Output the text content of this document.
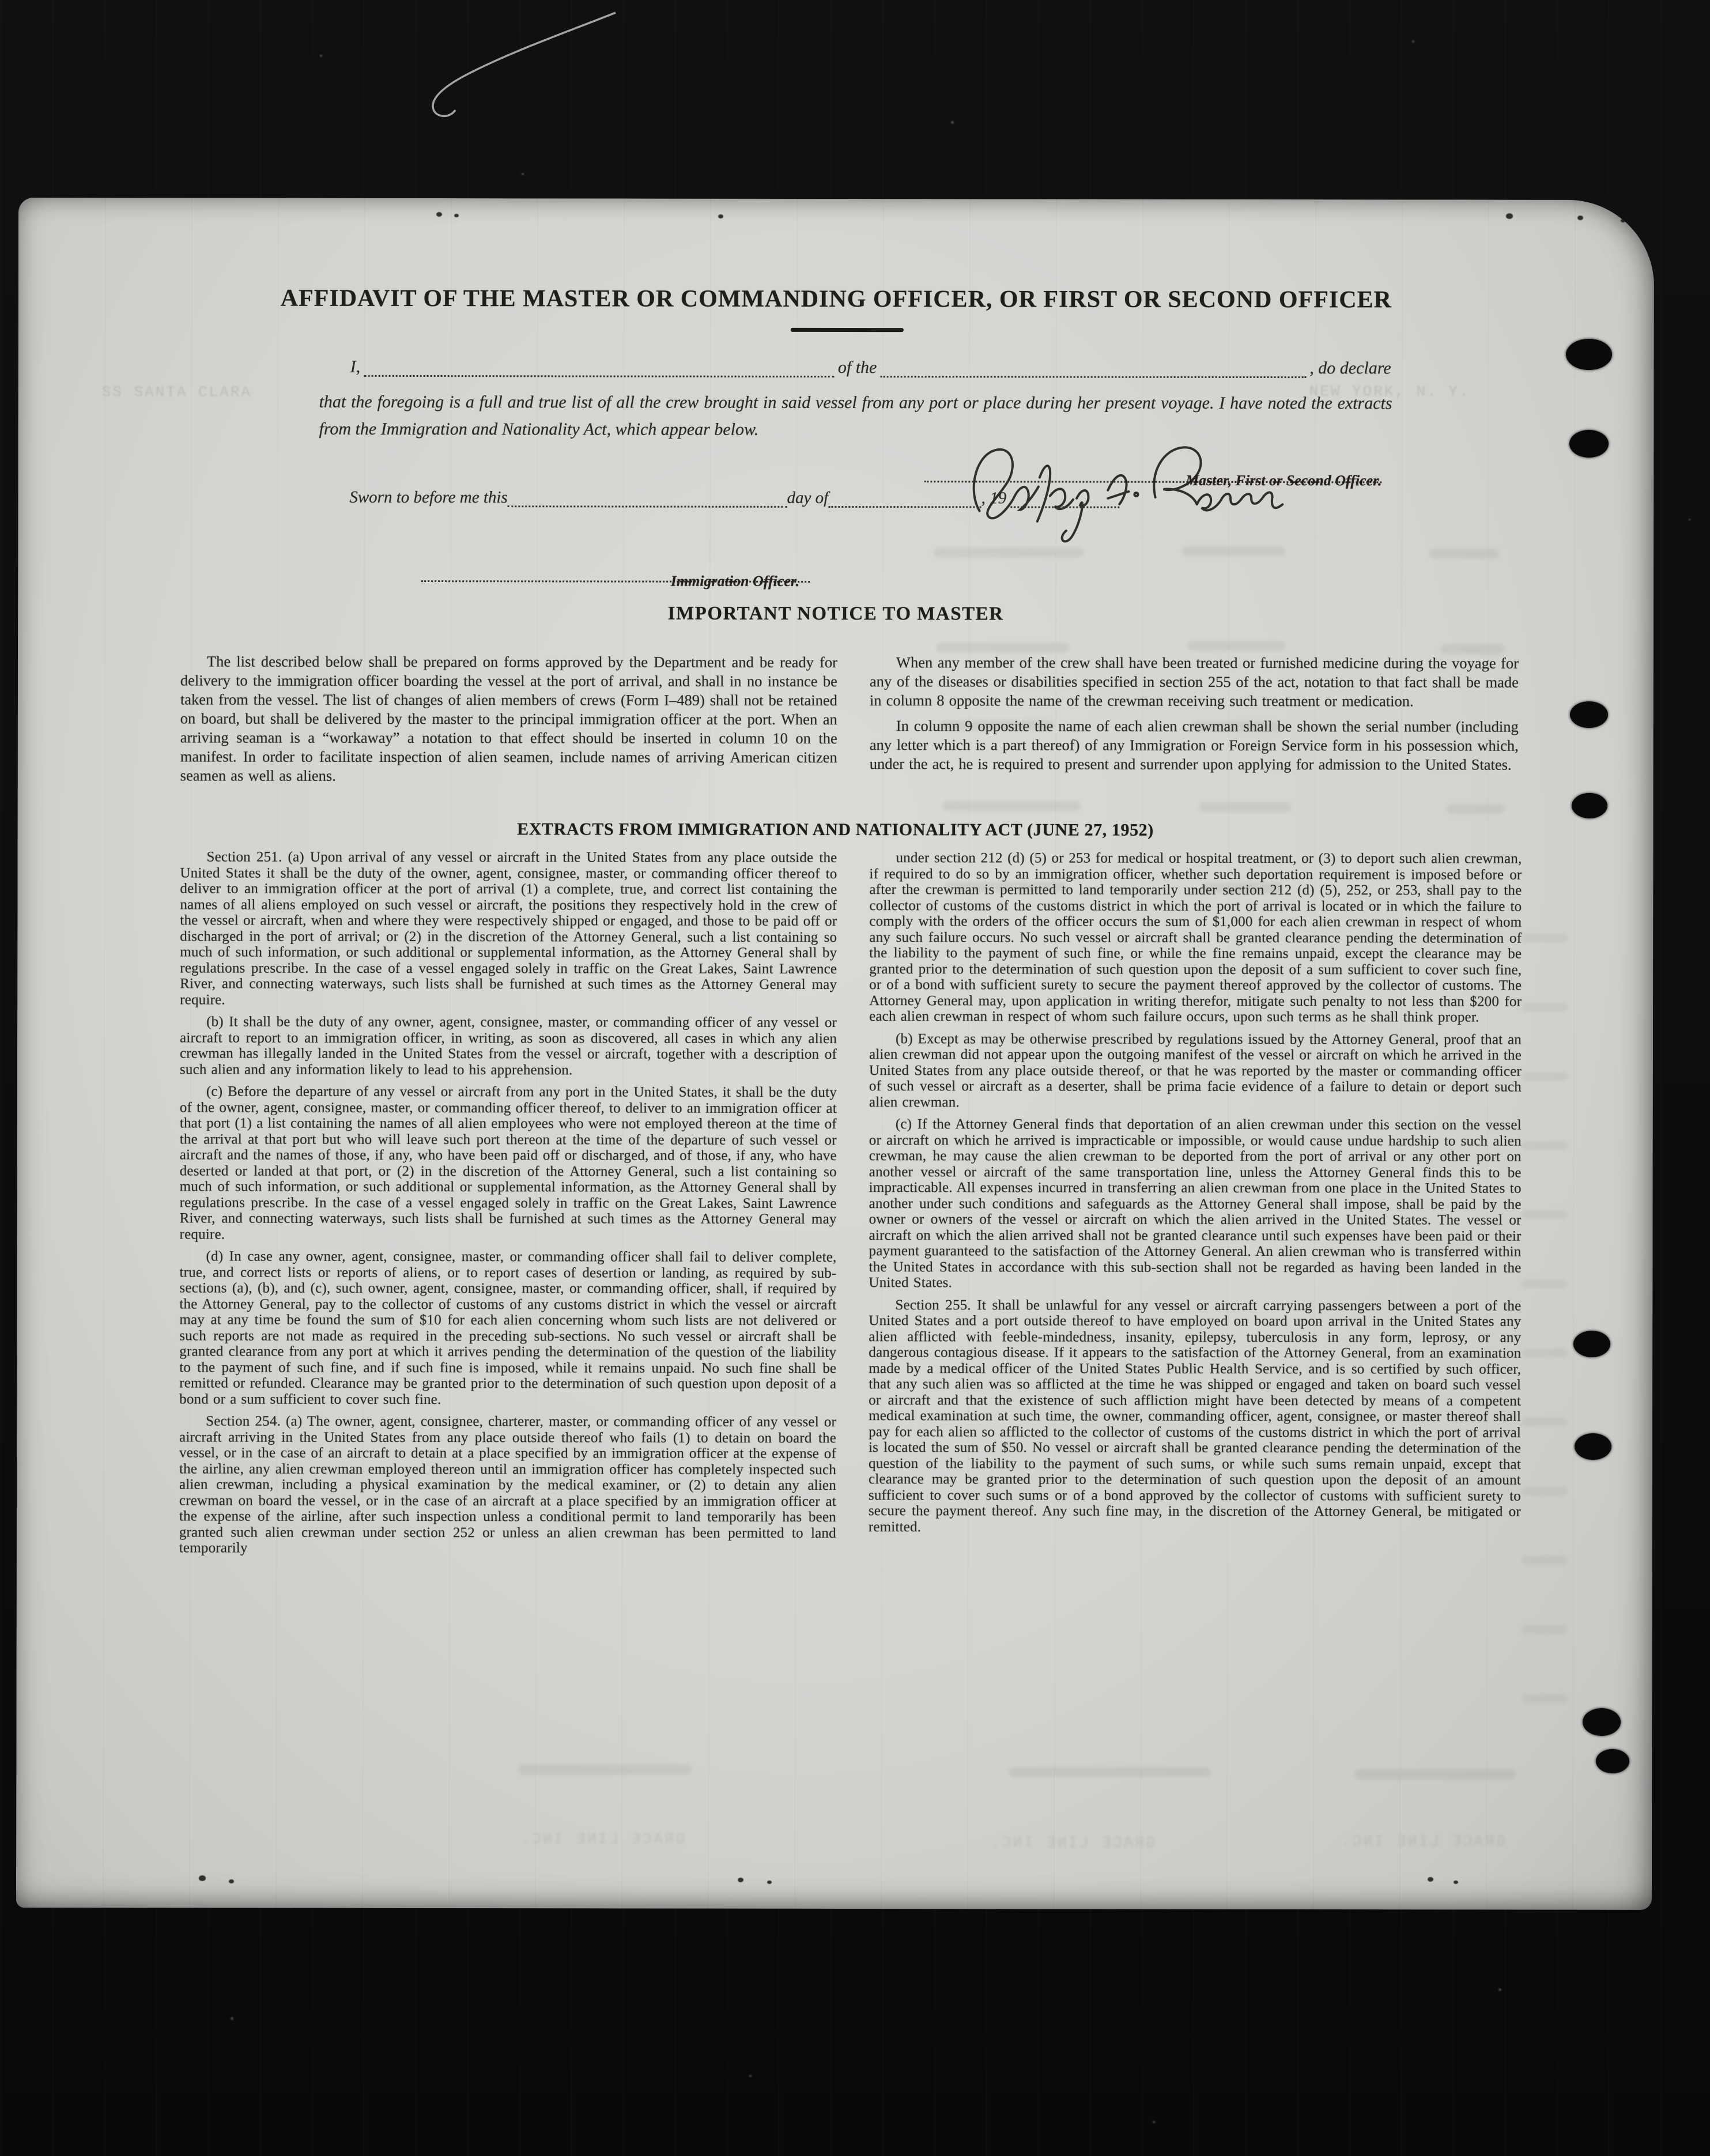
SS SANTA CLARA	NEW YORK, N. Y.
GRACE LINE INC.	GRACE LINE INC.	GRACE LINE INC.
AFFIDAVIT OF THE MASTER OR COMMANDING OFFICER, OR FIRST OR SECOND OFFICER
I,	of the	, do declare

that the foregoing is a full and true list of all the crew brought in said vessel from any port or place during her present voyage. I have noted the extracts from the Immigration and Nationality Act, which appear below.

Master, First or Second Officer.
Sworn to before me this	day of	, 19
Immigration Officer.
IMPORTANT NOTICE TO MASTER

The list described below shall be prepared on forms approved by the Department and be ready for delivery to the immigration officer boarding the vessel at the port of arrival, and shall in no instance be taken from the vessel. The list of changes of alien members of crews (Form I–489) shall not be retained on board, but shall be delivered by the master to the principal immigration officer at the port. When an arriving seaman is a “workaway” a notation to that effect should be inserted in column 10 on the manifest. In order to facilitate inspection of alien seamen, include names of arriving American citizen seamen as well as aliens.

When any member of the crew shall have been treated or furnished medicine during the voyage for any of the diseases or disabilities specified in section 255 of the act, notation to that fact shall be made in column 8 opposite the name of the crewman receiving such treatment or medication.

In column 9 opposite the name of each alien crewman shall be shown the serial number (including any letter which is a part thereof) of any Immigration or Foreign Service form in his possession which, under the act, he is required to present and surrender upon applying for admission to the United States.

EXTRACTS FROM IMMIGRATION AND NATIONALITY ACT (JUNE 27, 1952)

Section 251. (a) Upon arrival of any vessel or aircraft in the United States from any place outside the United States it shall be the duty of the owner, agent, consignee, master, or commanding officer thereof to deliver to an immigration officer at the port of arrival (1) a complete, true, and correct list containing the names of all aliens employed on such vessel or aircraft, the positions they respectively hold in the crew of the vessel or aircraft, when and where they were respectively shipped or engaged, and those to be paid off or discharged in the port of arrival; or (2) in the discretion of the Attorney General, such a list containing so much of such information, or such additional or supplemental information, as the Attorney General shall by regulations prescribe. In the case of a vessel engaged solely in traffic on the Great Lakes, Saint Lawrence River, and connecting waterways, such lists shall be furnished at such times as the Attorney General may require.

(b) It shall be the duty of any owner, agent, consignee, master, or commanding officer of any vessel or aircraft to report to an immigration officer, in writing, as soon as discovered, all cases in which any alien crewman has illegally landed in the United States from the vessel or aircraft, together with a description of such alien and any information likely to lead to his apprehension.

(c) Before the departure of any vessel or aircraft from any port in the United States, it shall be the duty of the owner, agent, consignee, master, or commanding officer thereof, to deliver to an immigration officer at that port (1) a list containing the names of all alien employees who were not employed thereon at the time of the arrival at that port but who will leave such port thereon at the time of the departure of such vessel or aircraft and the names of those, if any, who have been paid off or discharged, and of those, if any, who have deserted or landed at that port, or (2) in the discretion of the Attorney General, such a list containing so much of such information, or such additional or supplemental information, as the Attorney General shall by regulations prescribe. In the case of a vessel engaged solely in traffic on the Great Lakes, Saint Lawrence River, and connecting waterways, such lists shall be furnished at such times as the Attorney General may require.

(d) In case any owner, agent, consignee, master, or commanding officer shall fail to deliver complete, true, and correct lists or reports of aliens, or to report cases of desertion or landing, as required by sub-sections (a), (b), and (c), such owner, agent, consignee, master, or commanding officer, shall, if required by the Attorney General, pay to the collector of customs of any customs district in which the vessel or aircraft may at any time be found the sum of $10 for each alien concerning whom such lists are not delivered or such reports are not made as required in the preceding sub-sections. No such vessel or aircraft shall be granted clearance from any port at which it arrives pending the determination of the question of the liability to the payment of such fine, and if such fine is imposed, while it remains unpaid. No such fine shall be remitted or refunded. Clearance may be granted prior to the determination of such question upon deposit of a bond or a sum sufficient to cover such fine.

Section 254. (a) The owner, agent, consignee, charterer, master, or commanding officer of any vessel or aircraft arriving in the United States from any place outside thereof who fails (1) to detain on board the vessel, or in the case of an aircraft to detain at a place specified by an immigration officer at the expense of the airline, any alien crewman employed thereon until an immigration officer has completely inspected such alien crewman, including a physical examination by the medical examiner, or (2) to detain any alien crewman on board the vessel, or in the case of an aircraft at a place specified by an immigration officer at the expense of the airline, after such inspection unless a conditional permit to land temporarily has been granted such alien crewman under section 252 or unless an alien crewman has been permitted to land temporarily

under section 212 (d) (5) or 253 for medical or hospital treatment, or (3) to deport such alien crewman, if required to do so by an immigration officer, whether such deportation requirement is imposed before or after the crewman is permitted to land temporarily under section 212 (d) (5), 252, or 253, shall pay to the collector of customs of the customs district in which the port of arrival is located or in which the failure to comply with the orders of the officer occurs the sum of $1,000 for each alien crewman in respect of whom any such failure occurs. No such vessel or aircraft shall be granted clearance pending the determination of the liability to the payment of such fine, or while the fine remains unpaid, except the clearance may be granted prior to the determination of such question upon the deposit of a sum sufficient to cover such fine, or of a bond with sufficient surety to secure the payment thereof approved by the collector of customs. The Attorney General may, upon application in writing therefor, mitigate such penalty to not less than $200 for each alien crewman in respect of whom such failure occurs, upon such terms as he shall think proper.

(b) Except as may be otherwise prescribed by regulations issued by the Attorney General, proof that an alien crewman did not appear upon the outgoing manifest of the vessel or aircraft on which he arrived in the United States from any place outside thereof, or that he was reported by the master or commanding officer of such vessel or aircraft as a deserter, shall be prima facie evidence of a failure to detain or deport such alien crewman.

(c) If the Attorney General finds that deportation of an alien crewman under this section on the vessel or aircraft on which he arrived is impracticable or impossible, or would cause undue hardship to such alien crewman, he may cause the alien crewman to be deported from the port of arrival or any other port on another vessel or aircraft of the same transportation line, unless the Attorney General finds this to be impracticable. All expenses incurred in transferring an alien crewman from one place in the United States to another under such conditions and safeguards as the Attorney General shall impose, shall be paid by the owner or owners of the vessel or aircraft on which the alien arrived in the United States. The vessel or aircraft on which the alien arrived shall not be granted clearance until such expenses have been paid or their payment guaranteed to the satisfaction of the Attorney General. An alien crewman who is transferred within the United States in accordance with this sub-section shall not be regarded as having been landed in the United States.

Section 255. It shall be unlawful for any vessel or aircraft carrying passengers between a port of the United States and a port outside thereof to have employed on board upon arrival in the United States any alien afflicted with feeble-mindedness, insanity, epilepsy, tuberculosis in any form, leprosy, or any dangerous contagious disease. If it appears to the satisfaction of the Attorney General, from an examination made by a medical officer of the United States Public Health Service, and is so certified by such officer, that any such alien was so afflicted at the time he was shipped or engaged and taken on board such vessel or aircraft and that the existence of such affliction might have been detected by means of a competent medical examination at such time, the owner, commanding officer, agent, consignee, or master thereof shall pay for each alien so afflicted to the collector of customs of the customs district in which the port of arrival is located the sum of $50. No vessel or aircraft shall be granted clearance pending the determination of the question of the liability to the payment of such sums, or while such sums remain unpaid, except that clearance may be granted prior to the determination of such question upon the deposit of an amount sufficient to cover such sums or of a bond approved by the collector of customs with sufficient surety to secure the payment thereof. Any such fine may, in the discretion of the Attorney General, be mitigated or remitted.
